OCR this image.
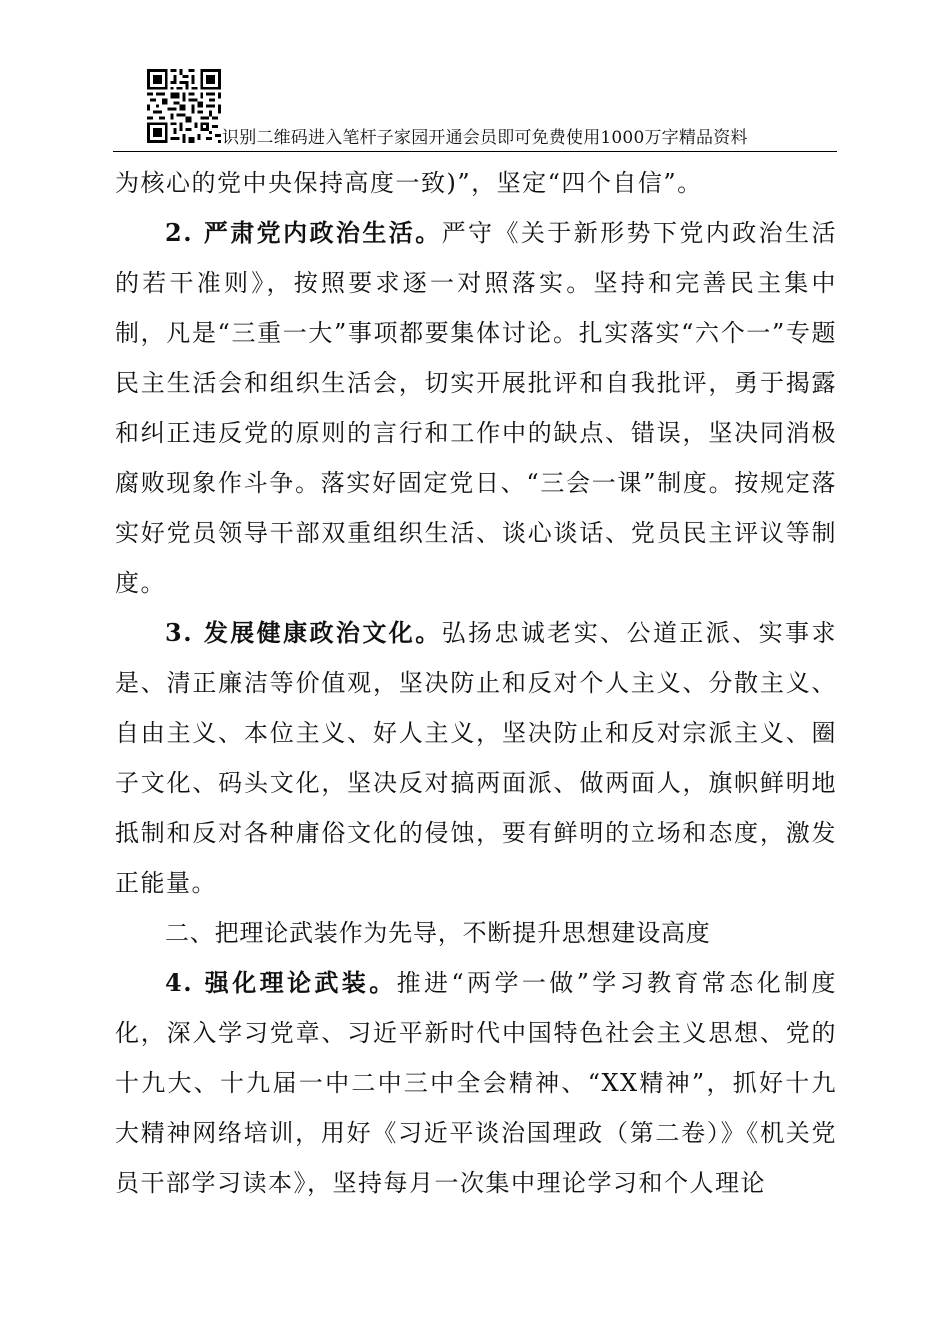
识别二维码进入笔杆子家园开通会员即可免费使用1000万字精品资料

为核心的党中央保持高度一致)”，坚定“四个自信”。

2. 严肃党内政治生活。严守《关于新形势下党内政治生活的若干准则》，按照要求逐一对照落实。坚持和完善民主集中制，凡是“三重一大”事项都要集体讨论。扎实落实“六个一”专题民主生活会和组织生活会，切实开展批评和自我批评，勇于揭露和纠正违反党的原则的言行和工作中的缺点、错误，坚决同消极腐败现象作斗争。落实好固定党日、“三会一课”制度。按规定落实好党员领导干部双重组织生活、谈心谈话、党员民主评议等制度。

3. 发展健康政治文化。弘扬忠诚老实、公道正派、实事求是、清正廉洁等价值观，坚决防止和反对个人主义、分散主义、自由主义、本位主义、好人主义，坚决防止和反对宗派主义、圈子文化、码头文化，坚决反对搞两面派、做两面人，旗帜鲜明地抵制和反对各种庸俗文化的侵蚀，要有鲜明的立场和态度，激发正能量。

二、把理论武装作为先导，不断提升思想建设高度

4. 强化理论武装。推进“两学一做”学习教育常态化制度化，深入学习党章、习近平新时代中国特色社会主义思想、党的十九大、十九届一中二中三中全会精神、“XX精神”，抓好十九大精神网络培训，用好《习近平谈治国理政（第二卷）》《机关党员干部学习读本》，坚持每月一次集中理论学习和个人理论
